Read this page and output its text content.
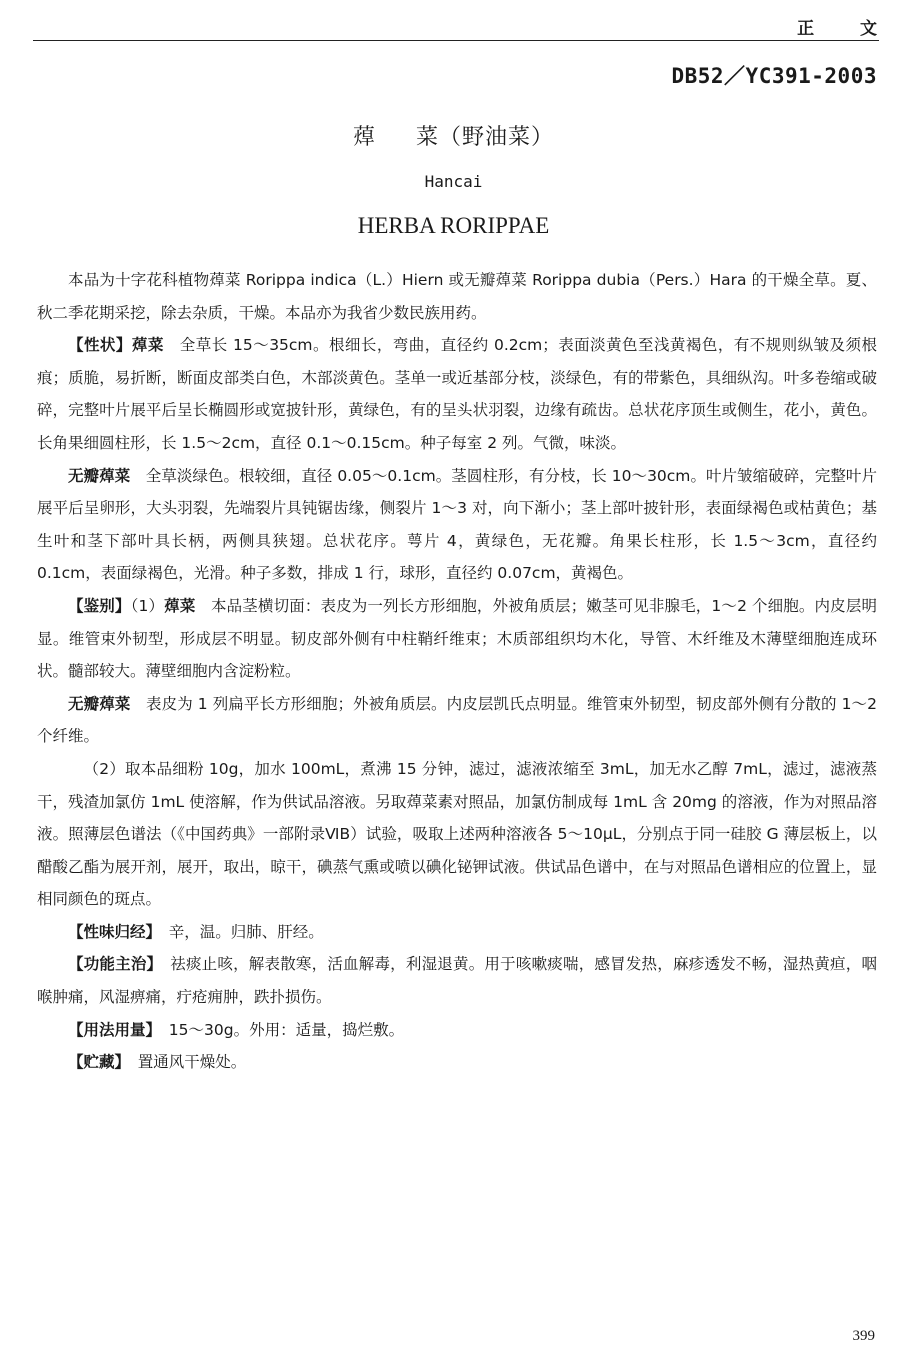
正 文
DB52／YC391-2003
蔊 菜（野油菜）
Hancai
HERBA RORIPPAE

本品为十字花科植物蔊菜 Rorippa indica（L.）Hiern 或无瓣蔊菜 Rorippa dubia（Pers.）Hara 的干燥全草。夏、秋二季花期采挖，除去杂质，干燥。本品亦为我省少数民族用药。

【性状】蔊菜　 全草长 15～35cm。根细长，弯曲，直径约 0.2cm；表面淡黄色至浅黄褐色，有不规则纵皱及须根痕；质脆，易折断，断面皮部类白色，木部淡黄色。茎单一或近基部分枝，淡绿色，有的带紫色，具细纵沟。叶多卷缩或破碎，完整叶片展平后呈长椭圆形或宽披针形，黄绿色，有的呈头状羽裂，边缘有疏齿。总状花序顶生或侧生，花小，黄色。长角果细圆柱形，长 1.5～2cm，直径 0.1～0.15cm。种子每室 2 列。气微，味淡。

无瓣蔊菜　 全草淡绿色。根较细，直径 0.05～0.1cm。茎圆柱形，有分枝，长 10～30cm。叶片皱缩破碎，完整叶片展平后呈卵形，大头羽裂，先端裂片具钝锯齿缘，侧裂片 1～3 对，向下渐小；茎上部叶披针形，表面绿褐色或枯黄色；基生叶和茎下部叶具长柄，两侧具狭翅。总状花序。萼片 4，黄绿色，无花瓣。角果长柱形，长 1.5～3cm，直径约 0.1cm，表面绿褐色，光滑。种子多数，排成 1 行，球形，直径约 0.07cm，黄褐色。

【鉴别】（1）蔊菜　 本品茎横切面：表皮为一列长方形细胞，外被角质层；嫩茎可见非腺毛，1～2 个细胞。内皮层明显。维管束外韧型，形成层不明显。韧皮部外侧有中柱鞘纤维束；木质部组织均木化，导管、木纤维及木薄壁细胞连成环状。髓部较大。薄壁细胞内含淀粉粒。

无瓣蔊菜　 表皮为 1 列扁平长方形细胞；外被角质层。内皮层凯氏点明显。维管束外韧型，韧皮部外侧有分散的 1～2 个纤维。

（2）取本品细粉 10g，加水 100mL，煮沸 15 分钟，滤过，滤液浓缩至 3mL，加无水乙醇 7mL，滤过，滤液蒸干，残渣加氯仿 1mL 使溶解，作为供试品溶液。另取蔊菜素对照品，加氯仿制成每 1mL 含 20mg 的溶液，作为对照品溶液。照薄层色谱法（《中国药典》一部附录ⅥB）试验，吸取上述两种溶液各 5～10μL，分别点于同一硅胶 G 薄层板上，以醋酸乙酯为展开剂，展开，取出，晾干，碘蒸气熏或喷以碘化铋钾试液。供试品色谱中，在与对照品色谱相应的位置上，显相同颜色的斑点。

【性味归经】　 辛，温。归肺、肝经。

【功能主治】　 祛痰止咳，解表散寒，活血解毒，利湿退黄。用于咳嗽痰喘，感冒发热，麻疹透发不畅，湿热黄疸，咽喉肿痛，风湿痹痛，疔疮痈肿，跌扑损伤。

【用法用量】　 15～30g。外用：适量，捣烂敷。

【贮藏】　 置通风干燥处。

399
